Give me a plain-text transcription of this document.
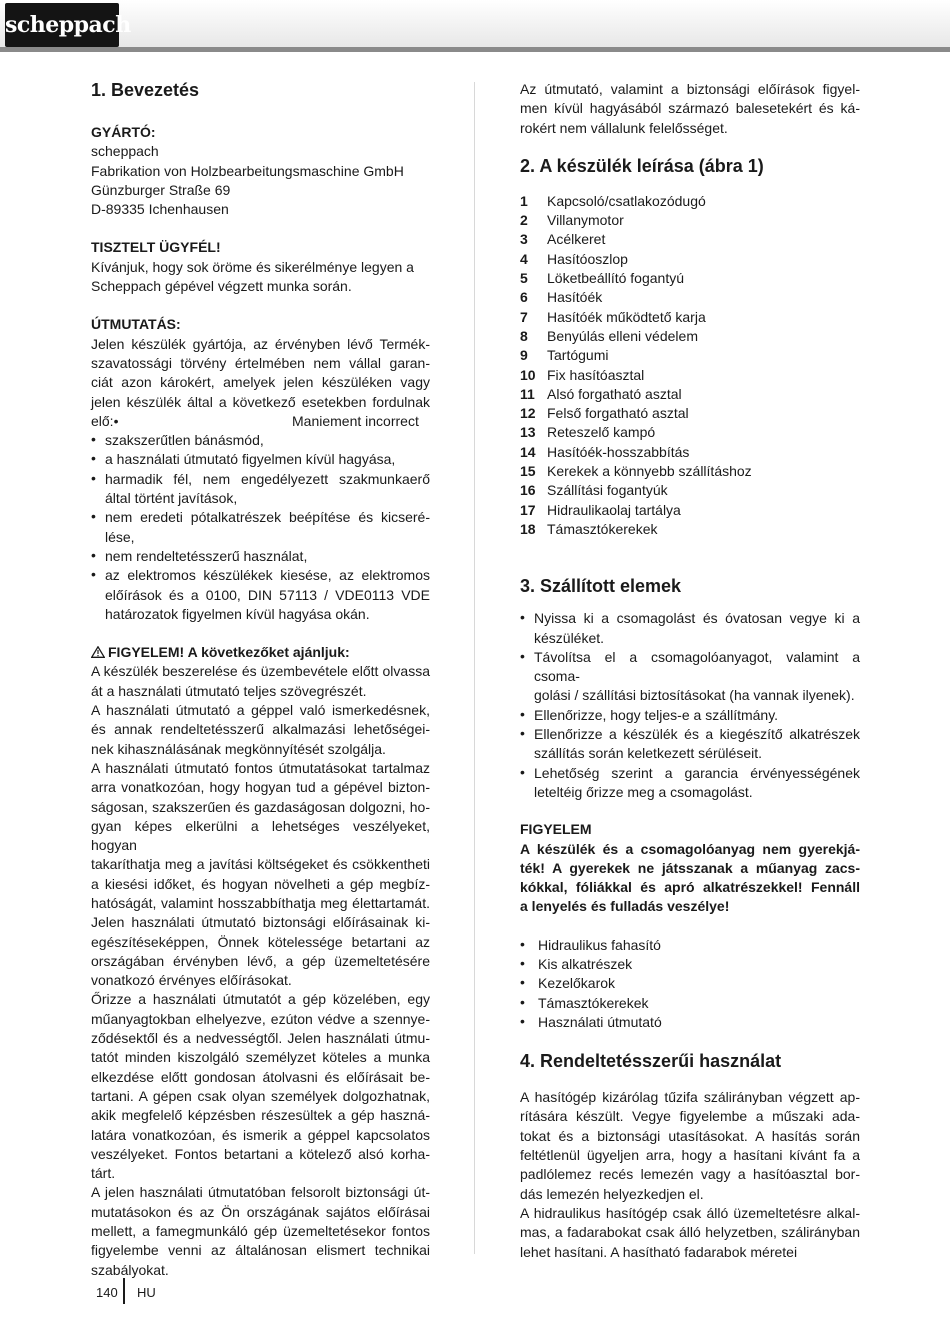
scheppach
1. Bevezetés
GYÁRTÓ:
scheppach
Fabrikation von Holzbearbeitungsmaschine GmbH
Günzburger Straße 69
D-89335 Ichenhausen
TISZTELT ÜGYFÉL!
Kívánjuk, hogy sok öröme és sikerélménye legyen a
Scheppach gépével végzett munka során.
ÚTMUTATÁS:
Jelen készülék gyártója, az érvényben lévő Termék-
szavatossági törvény értelmében nem vállal garan-
ciát azon károkért, amelyek jelen készüléken vagy
jelen készülék által a következő esetekben fordulnak
elő:•	Maniement incorrect
• szakszerűtlen bánásmód,
• a használati útmutató figyelmen kívül hagyása,
• harmadik fél, nem engedélyezett szakmunkaerő
által történt javítások,
• nem eredeti pótalkatrészek beépítése és kicseré-
lése,
• nem rendeltetésszerű használat,
• az elektromos készülékek kiesése, az elektromos
előírások és a 0100, DIN 57113 / VDE0113 VDE
határozatok figyelmen kívül hagyása okán.
FIGYELEM! A következőket ajánljuk:
A készülék beszerelése és üzembevétele előtt olvassa
át a használati útmutató teljes szövegrészét.
A használati útmutató a géppel való ismerkedésnek,
és annak rendeltetésszerű alkalmazási lehetőségei-
nek kihasználásának megkönnyítését szolgálja.
A használati útmutató fontos útmutatásokat tartalmaz
arra vonatkozóan, hogy hogyan tud a gépével bizton-
ságosan, szakszerűen és gazdaságosan dolgozni, ho-
gyan képes elkerülni a lehetséges veszélyeket, hogyan
takaríthatja meg a javítási költségeket és csökkentheti
a kiesési időket, és hogyan növelheti a gép megbíz-
hatóságát, valamint hosszabbíthatja meg élettartamát.
Jelen használati útmutató biztonsági előírásainak ki-
egészítéseképpen, Önnek kötelessége betartani az
országában érvényben lévő, a gép üzemeltetésére
vonatkozó érvényes előírásokat.
Őrizze a használati útmutatót a gép közelében, egy
műanyagtokban elhelyezve, ezúton védve a szennye-
ződésektől és a nedvességtől. Jelen használati útmu-
tatót minden kiszolgáló személyzet köteles a munka
elkezdése előtt gondosan átolvasni és előírásait be-
tartani. A gépen csak olyan személyek dolgozhatnak,
akik megfelelő képzésben részesültek a gép haszná-
latára vonatkozóan, és ismerik a géppel kapcsolatos
veszélyeket. Fontos betartani a kötelező alsó korha-
tárt.
A jelen használati útmutatóban felsorolt biztonsági út-
mutatásokon és az Ön országának sajátos előírásai
mellett, a famegmunkáló gép üzemeltetésekor fontos
figyelembe venni az általánosan elismert technikai
szabályokat.
Az útmutató, valamint a biztonsági előírások figyel-
men kívül hagyásából származó balesetekért és ká-
rokért nem vállalunk felelősséget.
2. A készülék leírása (ábra 1)
1	Kapcsoló/csatlakozódugó
2	Villanymotor
3	Acélkeret
4	Hasítóoszlop
5	Löketbeállító fogantyú
6	Hasítóék
7	Hasítóék működtető karja
8	Benyúlás elleni védelem
9	Tartógumi
10 Fix hasítóasztal
11 Alsó forgatható asztal
12 Felső forgatható asztal
13 Reteszelő kampó
14 Hasítóék-hosszabbítás
15 Kerekek a könnyebb szállításhoz
16 Szállítási fogantyúk
17 Hidraulikaolaj tartálya
18 Támasztókerekek
3. Szállított elemek
• Nyissa ki a csomagolást és óvatosan vegye ki a
készüléket.
• Távolítsa el a csomagolóanyagot, valamint a csoma-
golási / szállítási biztosításokat (ha vannak ilyenek).
• Ellenőrizze, hogy teljes-e a szállítmány.
• Ellenőrizze a készülék és a kiegészítő alkatrészek
szállítás során keletkezett sérüléseit.
• Lehetőség szerint a garancia érvényességének
leteltéig őrizze meg a csomagolást.
FIGYELEM
A készülék és a csomagolóanyag nem gyerekjá-
ték! A gyerekek ne játsszanak a műanyag zacs-
kókkal, fóliákkal és apró alkatrészekkel! Fennáll
a lenyelés és fulladás veszélye!
• Hidraulikus fahasító
• Kis alkatrészek
• Kezelőkarok
• Támasztókerekek
• Használati útmutató
4. Rendeltetésszerűi használat
A hasítógép kizárólag tűzifa szálirányban végzett ap-
rítására készült. Vegye figyelembe a műszaki ada-
tokat és a biztonsági utasításokat. A hasítás során
feltétlenül ügyeljen arra, hogy a hasítani kívánt fa a
padlólemez recés lemezén vagy a hasítóasztal bor-
dás lemezén helyezkedjen el.
A hidraulikus hasítógép csak álló üzemeltetésre alkal-
mas, a fadarabokat csak álló helyzetben, szálirányban
lehet hasítani. A hasítható fadarabok méretei
140 HU
